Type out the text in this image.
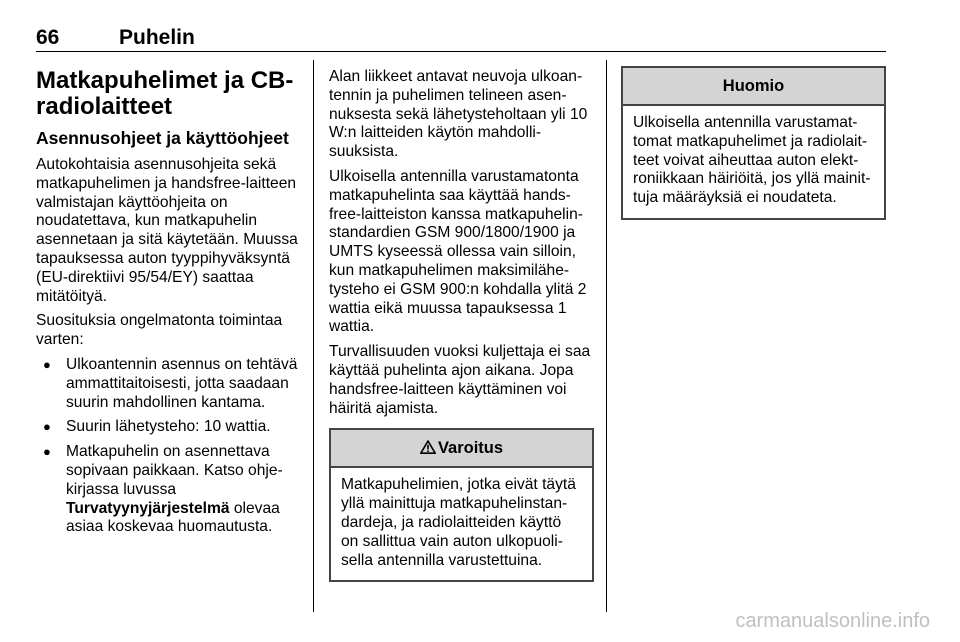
66	Puhelin
Matkapuhelimet ja CB-radiolaitteet
Asennusohjeet ja käyttöohjeet

Autokohtaisia asennusohjeita sekä matkapuhelimen ja handsfree-laitteen valmistajan käyttöohjeita on noudatettava, kun matkapuhelin asennetaan ja sitä käytetään. Muussa tapauksessa auton tyyppihyväksyntä (EU-direktiivi 95/54/EY) saattaa mitätöityä.

Suosituksia ongelmatonta toimintaa varten:

● Ulkoantennin asennus on tehtävä ammattitaitoisesti, jotta saadaan suurin mahdollinen kantama.
● Suurin lähetysteho: 10 wattia.
● Matkapuhelin on asennettava sopivaan paikkaan. Katso ohjekirjassa luvussa Turvatyynyjärjestelmä olevaa asiaa koskevaa huomautusta.

Alan liikkeet antavat neuvoja ulkoantennin ja puhelimen telineen asennuksesta sekä lähetysteholtaan yli 10 W:n laitteiden käytön mahdollisuuksista.

Ulkoisella antennilla varustamatonta matkapuhelinta saa käyttää handsfree-laitteiston kanssa matkapuhelinstandardien GSM 900/1800/1900 ja UMTS kyseessä ollessa vain silloin, kun matkapuhelimen maksimilähetysteho ei GSM 900:n kohdalla ylitä 2 wattia eikä muussa tapauksessa 1 wattia.

Turvallisuuden vuoksi kuljettaja ei saa käyttää puhelinta ajon aikana. Jopa handsfree-laitteen käyttäminen voi häiritä ajamista.

Varoitus
Matkapuhelimien, jotka eivät täytä yllä mainittuja matkapuhelinstandardeja, ja radiolaitteiden käyttö on sallittua vain auton ulkopuolisella antennilla varustettuina.
Huomio
Ulkoisella antennilla varustamattomat matkapuhelimet ja radiolaitteet voivat aiheuttaa auton elektroniikkaan häiriöitä, jos yllä mainittuja määräyksiä ei noudateta.
carmanualsonline.info
